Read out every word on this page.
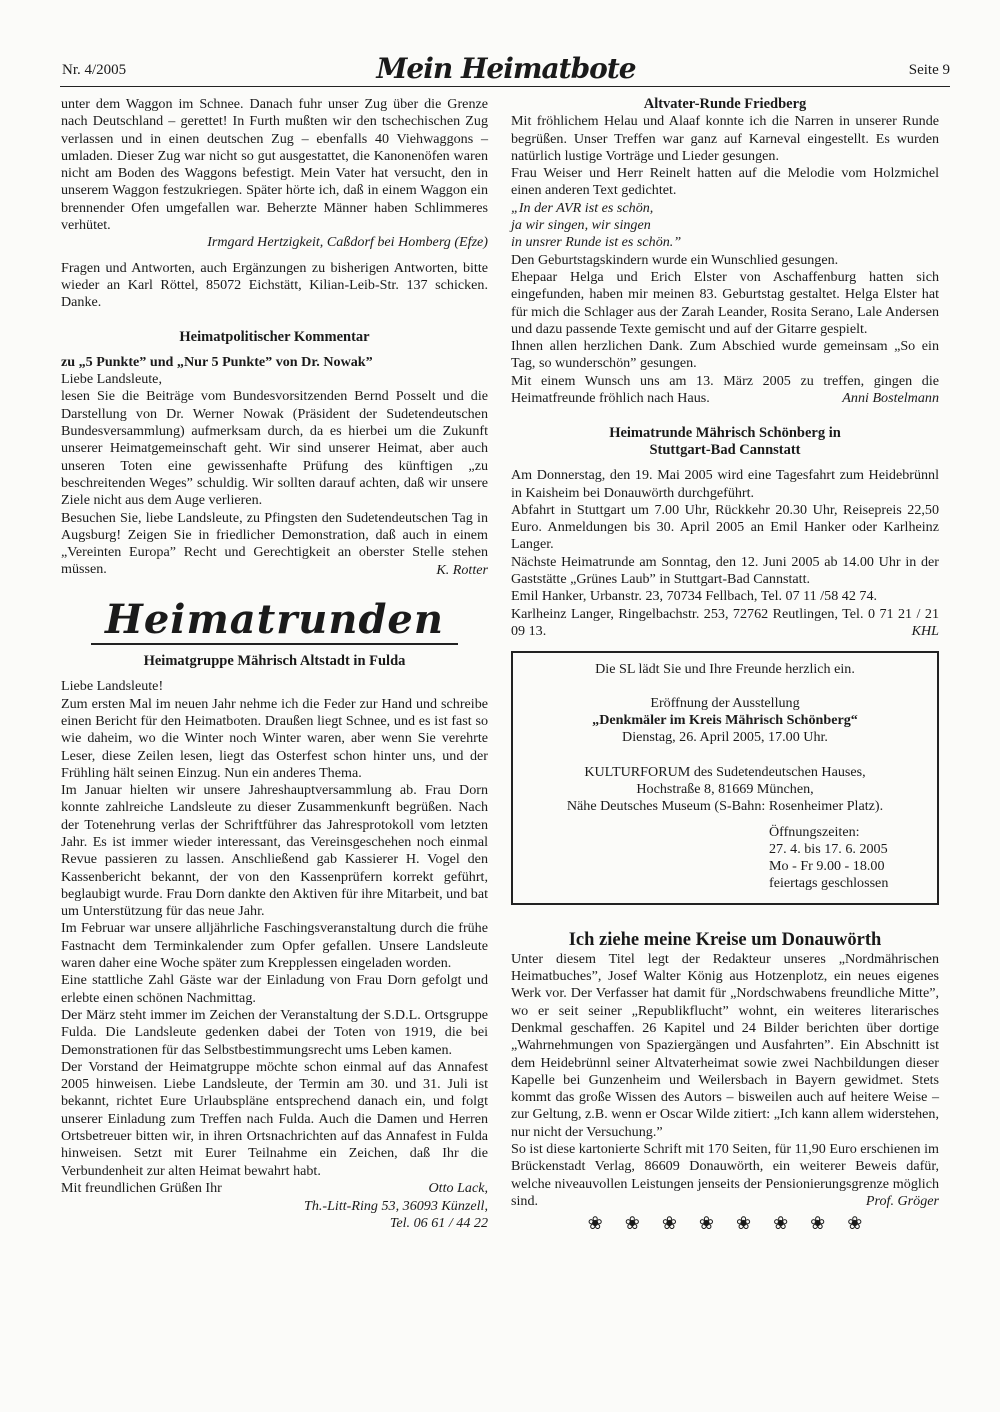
Nr. 4/2005	Mein Heimatbote	Seite 9

unter dem Waggon im Schnee. Danach fuhr unser Zug über die Grenze nach Deutschland – gerettet! In Furth mußten wir den tschechischen Zug verlassen und in einen deutschen Zug – ebenfalls 40 Viehwaggons – umladen. Dieser Zug war nicht so gut ausgestattet, die Kanonenöfen waren nicht am Boden des Waggons befestigt. Mein Vater hat versucht, den in unserem Waggon festzukriegen. Später hörte ich, daß in einem Waggon ein brennender Ofen umgefallen war. Beherzte Männer haben Schlimmeres verhütet.

Irmgard Hertzigkeit, Caßdorf bei Homberg (Efze)

Fragen und Antworten, auch Ergänzungen zu bisherigen Antworten, bitte wieder an Karl Röttel, 85072 Eichstätt, Kilian-Leib-Str. 137 schicken. Danke.

Heimatpolitischer Kommentar

zu „5 Punkte” und „Nur 5 Punkte” von Dr. Nowak”

Liebe Landsleute,

lesen Sie die Beiträge vom Bundesvorsitzenden Bernd Posselt und die Darstellung von Dr. Werner Nowak (Präsident der Sudetendeutschen Bundesversammlung) aufmerksam durch, da es hierbei um die Zukunft unserer Heimatgemeinschaft geht. Wir sind unserer Heimat, aber auch unseren Toten eine gewissenhafte Prüfung des künftigen „zu beschreitenden Weges” schuldig. Wir sollten darauf achten, daß wir unsere Ziele nicht aus dem Auge verlieren.

Besuchen Sie, liebe Landsleute, zu Pfingsten den Sudetendeutschen Tag in Augsburg! Zeigen Sie in friedlicher Demonstration, daß auch in einem „Vereinten Europa” Recht und Gerechtigkeit an oberster Stelle stehen müssen.	K. Rotter

Heimatrunden

Heimatgruppe Mährisch Altstadt in Fulda

Liebe Landsleute!

Zum ersten Mal im neuen Jahr nehme ich die Feder zur Hand und schreibe einen Bericht für den Heimatboten. Draußen liegt Schnee, und es ist fast so wie daheim, wo die Winter noch Winter waren, aber wenn Sie verehrte Leser, diese Zeilen lesen, liegt das Osterfest schon hinter uns, und der Frühling hält seinen Einzug. Nun ein anderes Thema.

Im Januar hielten wir unsere Jahreshauptversammlung ab. Frau Dorn konnte zahlreiche Landsleute zu dieser Zusammenkunft begrüßen. Nach der Totenehrung verlas der Schriftführer das Jahresprotokoll vom letzten Jahr. Es ist immer wieder interessant, das Vereinsgeschehen noch einmal Revue passieren zu lassen. Anschließend gab Kassierer H. Vogel den Kassenbericht bekannt, der von den Kassenprüfern korrekt geführt, beglaubigt wurde. Frau Dorn dankte den Aktiven für ihre Mitarbeit, und bat um Unterstützung für das neue Jahr.

Im Februar war unsere alljährliche Faschingsveranstaltung durch die frühe Fastnacht dem Terminkalender zum Opfer gefallen. Unsere Landsleute waren daher eine Woche später zum Krepplessen eingeladen worden.

Eine stattliche Zahl Gäste war der Einladung von Frau Dorn gefolgt und erlebte einen schönen Nachmittag.

Der März steht immer im Zeichen der Veranstaltung der S.D.L. Ortsgruppe Fulda. Die Landsleute gedenken dabei der Toten von 1919, die bei Demonstrationen für das Selbstbestimmungsrecht ums Leben kamen.

Der Vorstand der Heimatgruppe möchte schon einmal auf das Annafest 2005 hinweisen. Liebe Landsleute, der Termin am 30. und 31. Juli ist bekannt, richtet Eure Urlaubspläne entsprechend danach ein, und folgt unserer Einladung zum Treffen nach Fulda. Auch die Damen und Herren Ortsbetreuer bitten wir, in ihren Ortsnachrichten auf das Annafest in Fulda hinweisen. Setzt mit Eurer Teilnahme ein Zeichen, daß Ihr die Verbundenheit zur alten Heimat bewahrt habt.

Mit freundlichen Grüßen Ihr	Otto Lack,

Th.-Litt-Ring 53, 36093 Künzell,

Tel. 06 61 / 44 22

Altvater-Runde Friedberg

Mit fröhlichem Helau und Alaaf konnte ich die Narren in unserer Runde begrüßen. Unser Treffen war ganz auf Karneval eingestellt. Es wurden natürlich lustige Vorträge und Lieder gesungen.

Frau Weiser und Herr Reinelt hatten auf die Melodie vom Holzmichel einen anderen Text gedichtet.

„In der AVR ist es schön,

ja wir singen, wir singen

in unsrer Runde ist es schön.”

Den Geburtstagskindern wurde ein Wunschlied gesungen.

Ehepaar Helga und Erich Elster von Aschaffenburg hatten sich eingefunden, haben mir meinen 83. Geburtstag gestaltet. Helga Elster hat für mich die Schlager aus der Zarah Leander, Rosita Serano, Lale Andersen und dazu passende Texte gemischt und auf der Gitarre gespielt.

Ihnen allen herzlichen Dank. Zum Abschied wurde gemeinsam „So ein Tag, so wunderschön” gesungen.

Mit einem Wunsch uns am 13. März 2005 zu treffen, gingen die Heimatfreunde fröhlich nach Haus.	Anni Bostelmann

Heimatrunde Mährisch Schönberg in

Stuttgart-Bad Cannstatt

Am Donnerstag, den 19. Mai 2005 wird eine Tagesfahrt zum Heidebrünnl in Kaisheim bei Donauwörth durchgeführt.

Abfahrt in Stuttgart um 7.00 Uhr, Rückkehr 20.30 Uhr, Reisepreis 22,50 Euro. Anmeldungen bis 30. April 2005 an Emil Hanker oder Karlheinz Langer.

Nächste Heimatrunde am Sonntag, den 12. Juni 2005 ab 14.00 Uhr in der Gaststätte „Grünes Laub” in Stuttgart-Bad Cannstatt.

Emil Hanker, Urbanstr. 23, 70734 Fellbach, Tel. 07 11 /58 42 74.

Karlheinz Langer, Ringelbachstr. 253, 72762 Reutlingen, Tel. 0 71 21 / 21 09 13.	KHL

Die SL lädt Sie und Ihre Freunde herzlich ein.

Eröffnung der Ausstellung

„Denkmäler im Kreis Mährisch Schönberg“

Dienstag, 26. April 2005, 17.00 Uhr.

KULTURFORUM des Sudetendeutschen Hauses,

Hochstraße 8, 81669 München,

Nähe Deutsches Museum (S-Bahn: Rosenheimer Platz).

Öffnungszeiten:
27. 4. bis 17. 6. 2005
Mo - Fr 9.00 - 18.00
feiertags geschlossen

Ich ziehe meine Kreise um Donauwörth

Unter diesem Titel legt der Redakteur unseres „Nordmährischen Heimatbuches”, Josef Walter König aus Hotzenplotz, ein neues eigenes Werk vor. Der Verfasser hat damit für „Nordschwabens freundliche Mitte”, wo er seit seiner „Republikflucht” wohnt, ein weiteres literarisches Denkmal geschaffen. 26 Kapitel und 24 Bilder berichten über dortige „Wahrnehmungen von Spaziergängen und Ausfahrten”. Ein Abschnitt ist dem Heidebrünnl seiner Altvaterheimat sowie zwei Nachbildungen dieser Kapelle bei Gunzenheim und Weilersbach in Bayern gewidmet. Stets kommt das große Wissen des Autors – bisweilen auch auf heitere Weise – zur Geltung, z.B. wenn er Oscar Wilde zitiert: „Ich kann allem widerstehen, nur nicht der Versuchung.”

So ist diese kartonierte Schrift mit 170 Seiten, für 11,90 Euro erschienen im Brückenstadt Verlag, 86609 Donauwörth, ein weiterer Beweis dafür, welche niveauvollen Leistungen jenseits der Pensionierungsgrenze möglich sind.	Prof. Gröger

❀❀❀❀❀❀❀❀
